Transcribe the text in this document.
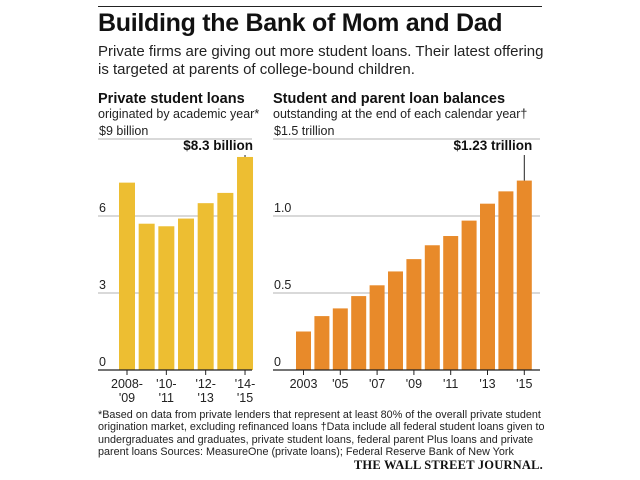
Building the Bank of Mom and Dad

Private firms are giving out more student loans. Their latest offering is targeted at parents of college-bound children.

Private student loans
originated by academic year*
Student and parent loan balances
outstanding at the end of each calendar year†
$9 billion
6
3
0
2008-
'09
'10-
'11
'12-
'13
'14-
'15
$8.3 billion
$1.5 trillion
1.0
0.5
0
2003 '05 '07 '09 '11 '13 '15
$1.23 trillion
*Based on data from private lenders that represent at least 80% of the overall private student
origination market, excluding refinanced loans †Data include all federal student loans given to
undergraduates and graduates, private student loans, federal parent Plus loans and private
parent loans Sources: MeasureOne (private loans); Federal Reserve Bank of New York
THE WALL STREET JOURNAL.
